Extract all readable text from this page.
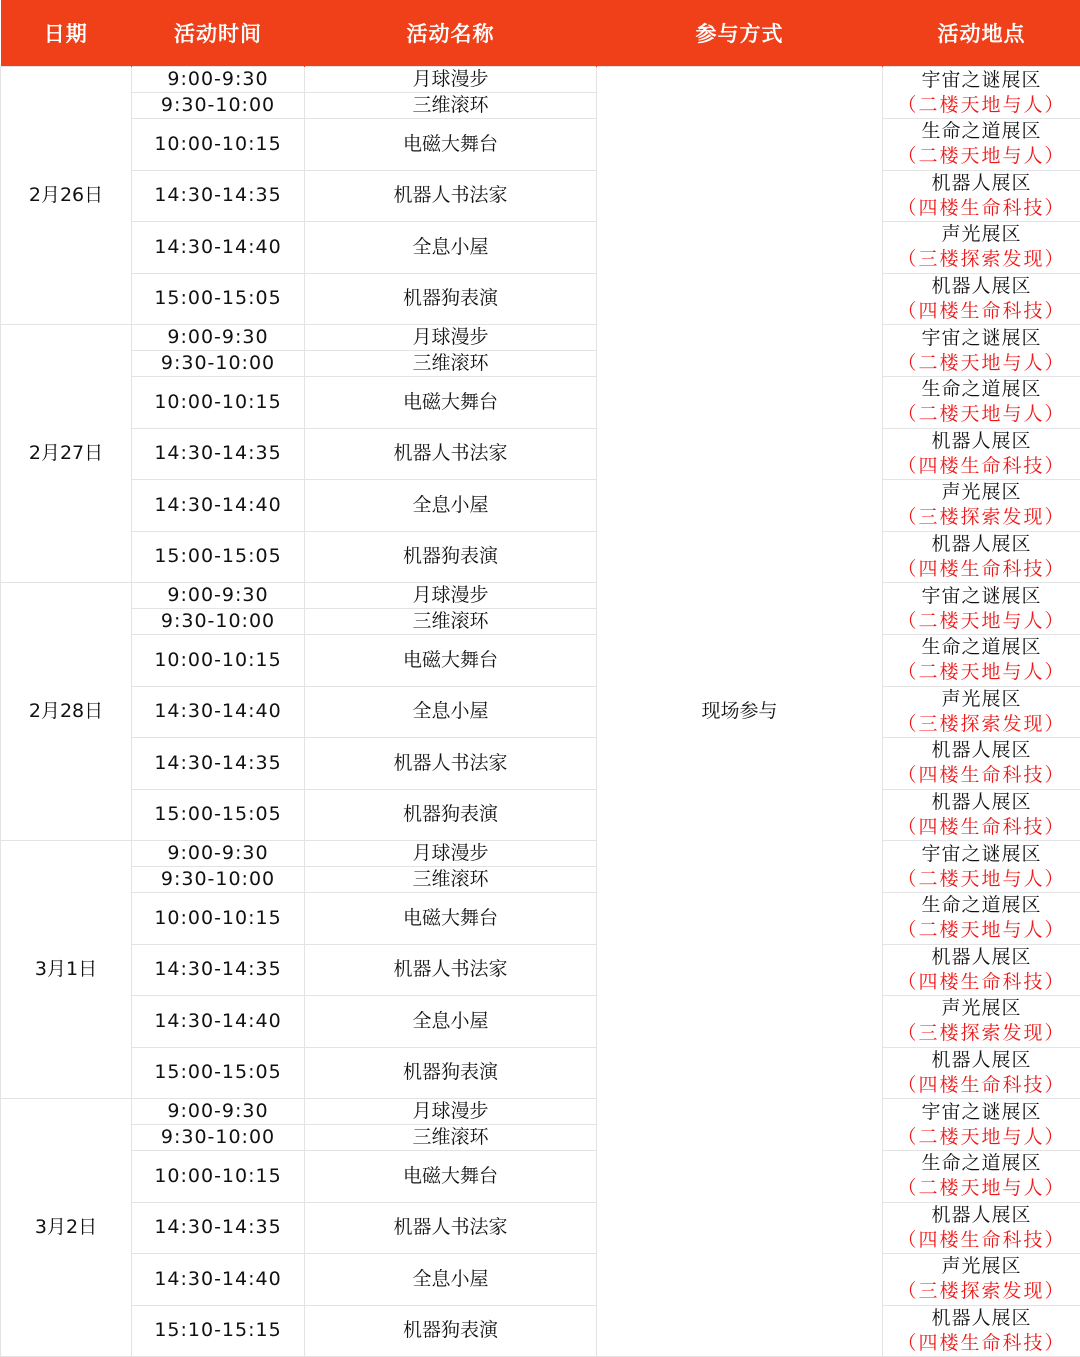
日期	活动时间	活动名称	参与方式	活动地点
2月26日	9:00-9:30	月球漫步	现场参与	宇宙之谜展区
（二楼天地与人）

	9:30-10:00	三维滚环		
	10:00-10:15	电磁大舞台		生命之道展区
（二楼天地与人）

	14:30-14:35	机器人书法家		机器人展区
（四楼生命科技）

	14:30-14:40	全息小屋		声光展区
（三楼探索发现）

	15:00-15:05	机器狗表演		机器人展区
（四楼生命科技）

2月27日	9:00-9:30	月球漫步		宇宙之谜展区
（二楼天地与人）

	9:30-10:00	三维滚环		
	10:00-10:15	电磁大舞台		生命之道展区
（二楼天地与人）

	14:30-14:35	机器人书法家		机器人展区
（四楼生命科技）

	14:30-14:40	全息小屋		声光展区
（三楼探索发现）

	15:00-15:05	机器狗表演		机器人展区
（四楼生命科技）

2月28日	9:00-9:30	月球漫步		宇宙之谜展区
（二楼天地与人）

	9:30-10:00	三维滚环		
	10:00-10:15	电磁大舞台		生命之道展区
（二楼天地与人）

	14:30-14:40	全息小屋		声光展区
（三楼探索发现）

	14:30-14:35	机器人书法家		机器人展区
（四楼生命科技）

	15:00-15:05	机器狗表演		机器人展区
（四楼生命科技）

3月1日	9:00-9:30	月球漫步		宇宙之谜展区
（二楼天地与人）

	9:30-10:00	三维滚环		
	10:00-10:15	电磁大舞台		生命之道展区
（二楼天地与人）

	14:30-14:35	机器人书法家		机器人展区
（四楼生命科技）

	14:30-14:40	全息小屋		声光展区
（三楼探索发现）

	15:00-15:05	机器狗表演		机器人展区
（四楼生命科技）

3月2日	9:00-9:30	月球漫步		宇宙之谜展区
（二楼天地与人）

	9:30-10:00	三维滚环		
	10:00-10:15	电磁大舞台		生命之道展区
（二楼天地与人）

	14:30-14:35	机器人书法家		机器人展区
（四楼生命科技）

	14:30-14:40	全息小屋		声光展区
（三楼探索发现）

	15:10-15:15	机器狗表演		机器人展区
（四楼生命科技）
